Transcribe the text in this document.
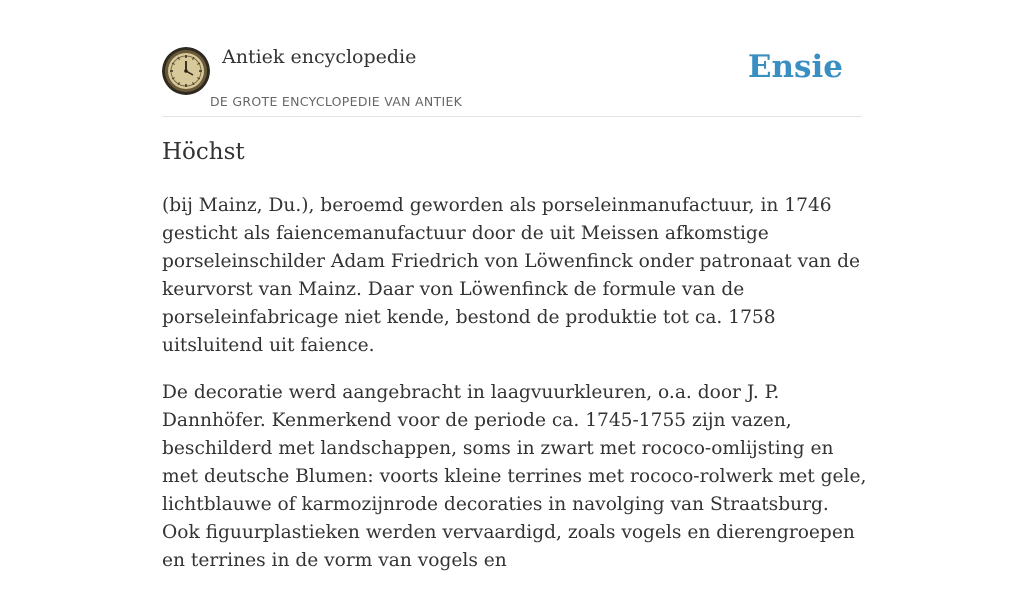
Antiek encyclopedie
DE GROTE ENCYCLOPEDIE VAN ANTIEK
Ensie
Höchst

(bij Mainz, Du.), beroemd geworden als porseleinmanufactuur, in 1746 gesticht als faiencemanufactuur door de uit Meissen afkomstige porseleinschilder Adam Friedrich von Löwenfinck onder patronaat van de keurvorst van Mainz. Daar von Löwenfinck de formule van de porseleinfabricage niet kende, bestond de produktie tot ca. 1758 uitsluitend uit faience.

De decoratie werd aangebracht in laagvuurkleuren, o.a. door J. P. Dannhöfer. Kenmerkend voor de periode ca. 1745-1755 zijn vazen, beschilderd met landschappen, soms in zwart met rococo-omlijsting en met deutsche Blumen: voorts kleine terrines met rococo-rolwerk met gele, lichtblauwe of karmozijnrode decoraties in navolging van Straatsburg. Ook figuurplastieken werden vervaardigd, zoals vogels en dierengroepen en terrines in de vorm van vogels en
